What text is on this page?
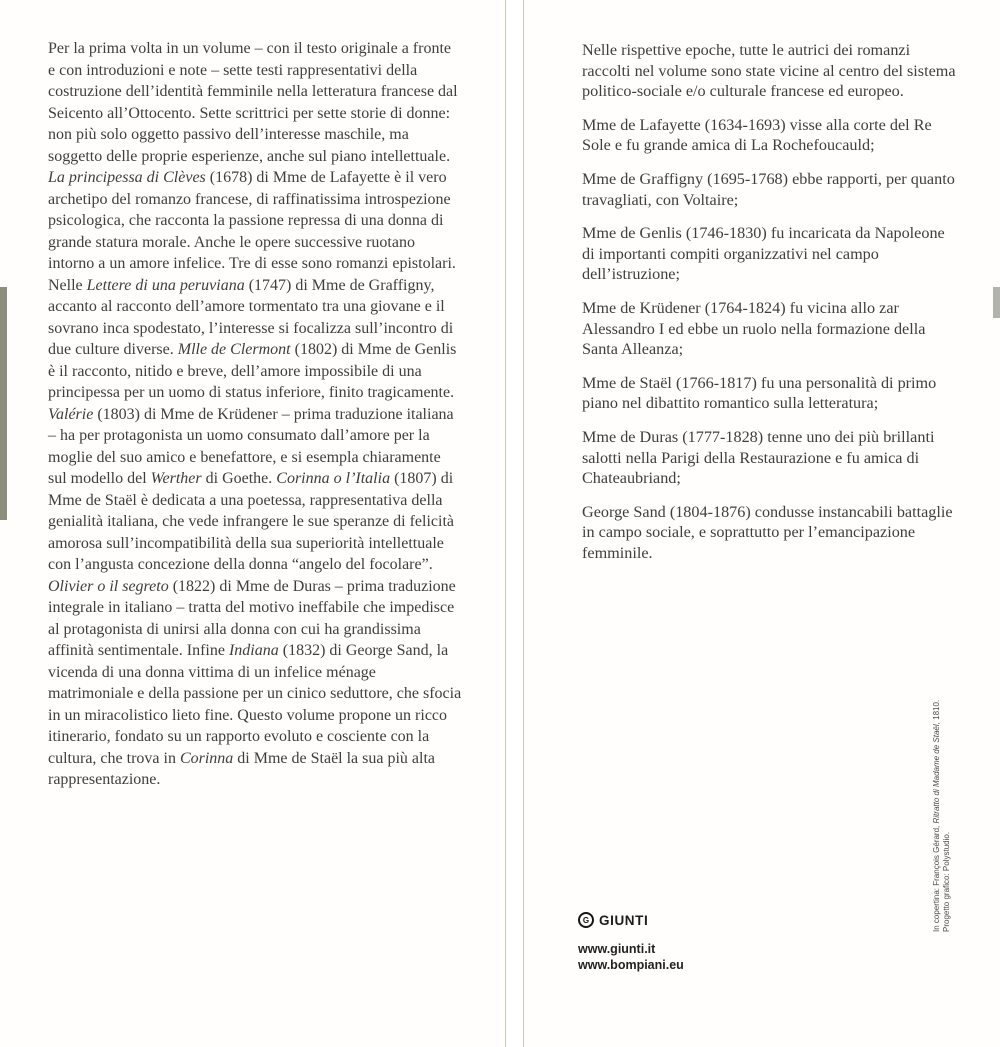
Per la prima volta in un volume – con il testo originale a fronte e con introduzioni e note – sette testi rappresentativi della costruzione dell’identità femminile nella letteratura francese dal Seicento all’Ottocento. Sette scrittrici per sette storie di donne: non più solo oggetto passivo dell’interesse maschile, ma soggetto delle proprie esperienze, anche sul piano intellettuale. La principessa di Clèves (1678) di Mme de Lafayette è il vero archetipo del romanzo francese, di raffinatissima introspezione psicologica, che racconta la passione repressa di una donna di grande statura morale. Anche le opere successive ruotano intorno a un amore infelice. Tre di esse sono romanzi epistolari. Nelle Lettere di una peruviana (1747) di Mme de Graffigny, accanto al racconto dell’amore tormentato tra una giovane e il sovrano inca spodestato, l’interesse si focalizza sull’incontro di due culture diverse. Mlle de Clermont (1802) di Mme de Genlis è il racconto, nitido e breve, dell’amore impossibile di una principessa per un uomo di status inferiore, finito tragicamente. Valérie (1803) di Mme de Krüdener – prima traduzione italiana – ha per protagonista un uomo consumato dall’amore per la moglie del suo amico e benefattore, e si esempla chiaramente sul modello del Werther di Goethe. Corinna o l’Italia (1807) di Mme de Staël è dedicata a una poetessa, rappresentativa della genialità italiana, che vede infrangere le sue speranze di felicità amorosa sull’incompatibilità della sua superiorità intellettuale con l’angusta concezione della donna “angelo del focolare”. Olivier o il segreto (1822) di Mme de Duras – prima traduzione integrale in italiano – tratta del motivo ineffabile che impedisce al protagonista di unirsi alla donna con cui ha grandissima affinità sentimentale. Infine Indiana (1832) di George Sand, la vicenda di una donna vittima di un infelice ménage matrimoniale e della passione per un cinico seduttore, che sfocia in un miracolistico lieto fine. Questo volume propone un ricco itinerario, fondato su un rapporto evoluto e cosciente con la cultura, che trova in Corinna di Mme de Staël la sua più alta rappresentazione.

Nelle rispettive epoche, tutte le autrici dei romanzi raccolti nel volume sono state vicine al centro del sistema politico-sociale e/o culturale francese ed europeo.

Mme de Lafayette (1634-1693) visse alla corte del Re Sole e fu grande amica di La Rochefoucauld;

Mme de Graffigny (1695-1768) ebbe rapporti, per quanto travagliati, con Voltaire;

Mme de Genlis (1746-1830) fu incaricata da Napoleone di importanti compiti organizzativi nel campo dell’istruzione;

Mme de Krüdener (1764-1824) fu vicina allo zar Alessandro I ed ebbe un ruolo nella formazione della Santa Alleanza;

Mme de Staël (1766-1817) fu una personalità di primo piano nel dibattito romantico sulla letteratura;

Mme de Duras (1777-1828) tenne uno dei più brillanti salotti nella Parigi della Restaurazione e fu amica di Chateaubriand;

George Sand (1804-1876) condusse instancabili battaglie in campo sociale, e soprattutto per l’emancipazione femminile.

G GIUNTI
www.giunti.it
www.bompiani.eu
In copertina: François Gérard, Ritratto di Madame de Staël, 1810.
Progetto grafico: Polystudio.
